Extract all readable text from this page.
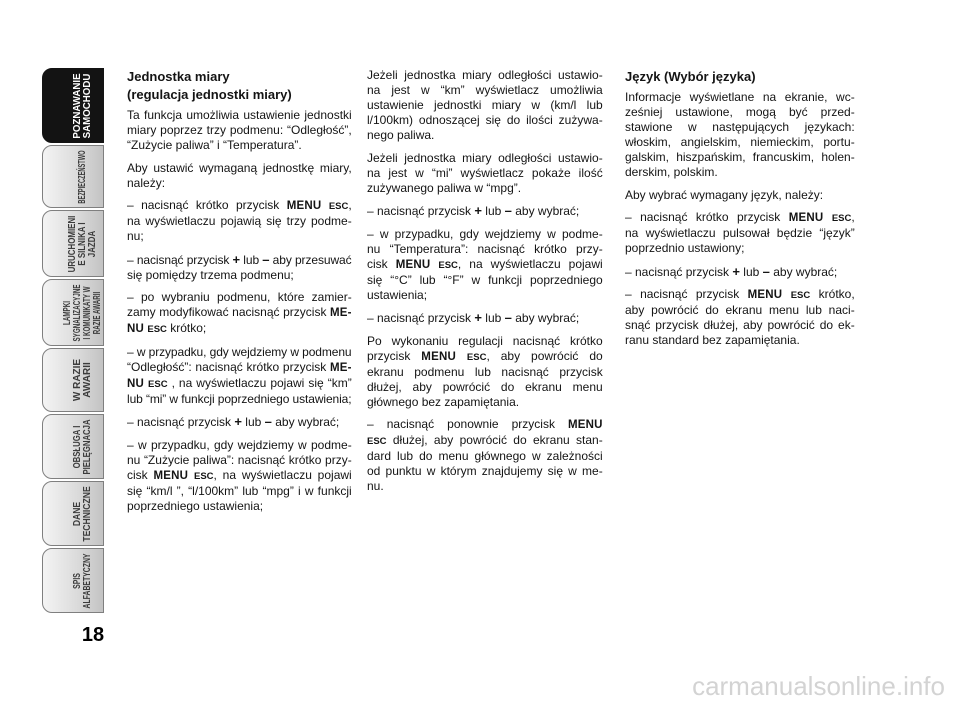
POZNAWANIE SAMOCHODU
BEZPIECZEŃSTWO
URUCHOMIENI E SILNIKA I JAZDA
LAMPKI SYGNALIZACYJNE I KOMUNIKATY W RAZIE AWARII
W RAZIE AWARII
OBSŁUGA I PIELĘGNACJA
DANE TECHNICZNE
SPIS ALFABETYCZNY
18
Jednostka miary
(regulacja jednostki miary)
Ta funkcja umożliwia ustawienie jednostki
miary poprzez trzy podmenu: “Odległość”,
“Zużycie paliwa” i “Temperatura”.
Aby ustawić wymaganą jednostkę miary,
należy:
– nacisnąć krótko przycisk MENU ESC,
na wyświetlaczu pojawią się trzy podme-
nu;
– nacisnąć przycisk + lub – aby przesuwać
się pomiędzy trzema podmenu;
– po wybraniu podmenu, które zamier-
zamy modyfikować nacisnąć przycisk ME-
NU ESC krótko;
– w przypadku, gdy wejdziemy w podmenu
“Odległość”: nacisnąć krótko przycisk ME-
NU ESC , na wyświetlaczu pojawi się “km”
lub “mi” w funkcji poprzedniego ustawienia;
– nacisnąć przycisk + lub – aby wybrać;
– w przypadku, gdy wejdziemy w podme-
nu “Zużycie paliwa”: nacisnąć krótko przy-
cisk MENU ESC, na wyświetlaczu pojawi
się “km/l ”, “l/100km” lub “mpg” i w funkcji
poprzedniego ustawienia;
Jeżeli jednostka miary odległości ustawio-
na jest w “km” wyświetlacz umożliwia
ustawienie jednostki miary w (km/l lub
l/100km) odnoszącej się do ilości zużywa-
nego paliwa.
Jeżeli jednostka miary odległości ustawio-
na jest w “mi” wyświetlacz pokaże ilość
zużywanego paliwa w “mpg”.
– nacisnąć przycisk + lub – aby wybrać;
– w przypadku, gdy wejdziemy w podme-
nu “Temperatura”: nacisnąć krótko przy-
cisk MENU ESC, na wyświetlaczu pojawi
się “°C” lub “°F” w funkcji poprzedniego
ustawienia;
– nacisnąć przycisk + lub – aby wybrać;
Po wykonaniu regulacji nacisnąć krótko
przycisk MENU ESC, aby powrócić do
ekranu podmenu lub nacisnąć przycisk
dłużej, aby powrócić do ekranu menu
głównego bez zapamiętania.
– nacisnąć ponownie przycisk MENU
ESC dłużej, aby powrócić do ekranu stan-
dard lub do menu głównego w zależności
od punktu w którym znajdujemy się w me-
nu.
Język (Wybór języka)
Informacje wyświetlane na ekranie, wc-
ześniej ustawione, mogą być przed-
stawione w następujących językach:
włoskim, angielskim, niemieckim, portu-
galskim, hiszpańskim, francuskim, holen-
derskim, polskim.
Aby wybrać wymagany język, należy:
– nacisnąć krótko przycisk MENU ESC,
na wyświetlaczu pulsował będzie “język”
poprzednio ustawiony;
– nacisnąć przycisk + lub – aby wybrać;
– nacisnąć przycisk MENU ESC krótko,
aby powrócić do ekranu menu lub naci-
snąć przycisk dłużej, aby powrócić do ek-
ranu standard bez zapamiętania.
carmanualsonline.info
